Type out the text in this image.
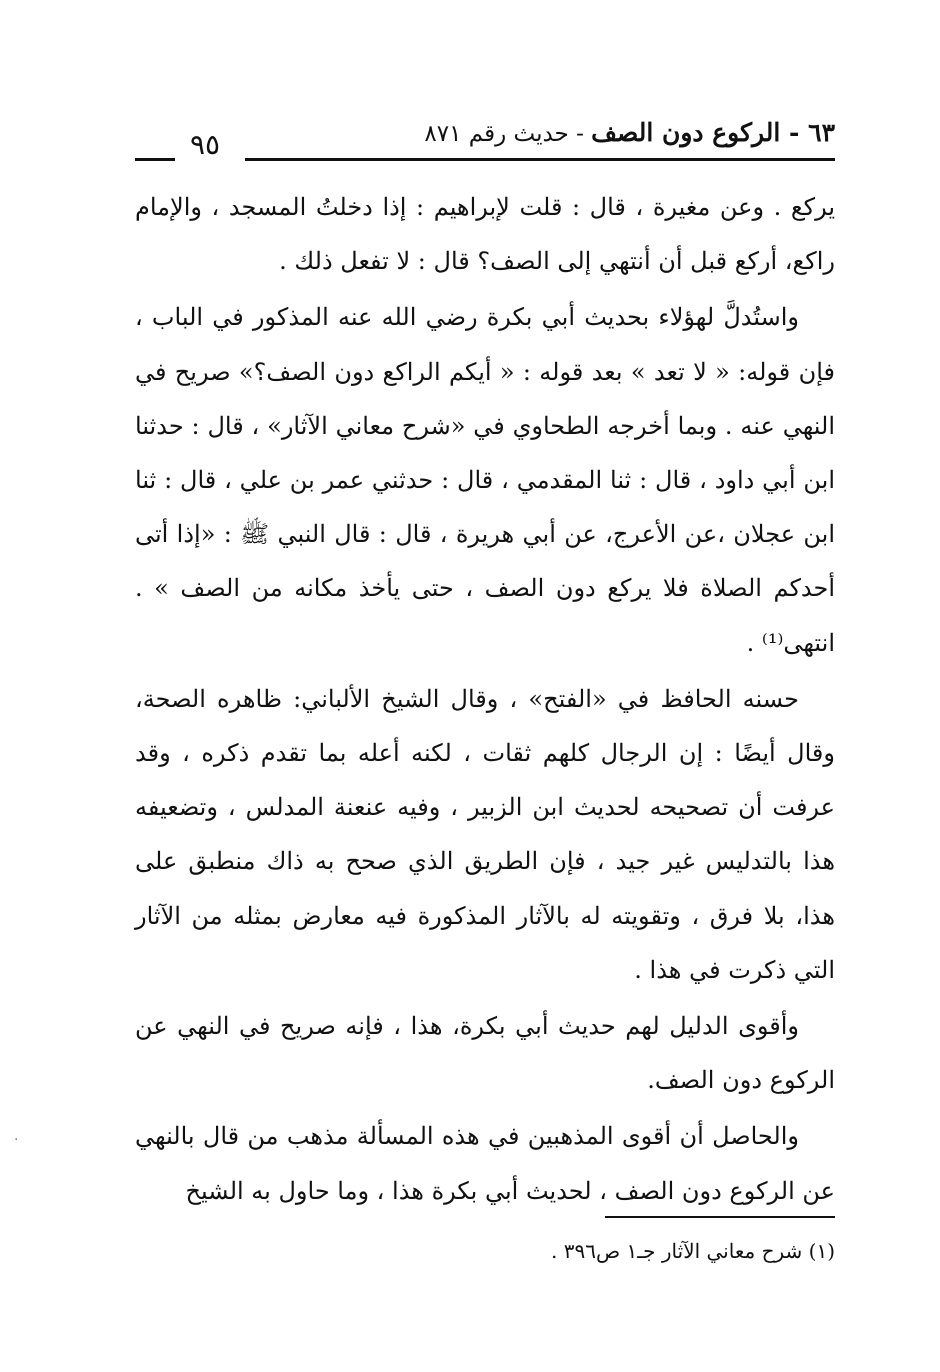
٦٣ - الركوع دون الصف - حديث رقم ٨٧١
٩٥

يركع . وعن مغيرة ، قال : قلت لإبراهيم : إذا دخلتُ المسجد ، والإمام راكع، أركع قبل أن أنتهي إلى الصف؟ قال : لا تفعل ذلك .

واستُدلَّ لهؤلاء بحديث أبي بكرة رضي الله عنه المذكور في الباب ، فإن قوله: « لا تعد » بعد قوله : « أيكم الراكع دون الصف؟» صريح في النهي عنه . وبما أخرجه الطحاوي في «شرح معاني الآثار» ، قال : حدثنا ابن أبي داود ، قال : ثنا المقدمي ، قال : حدثني عمر بن علي ، قال : ثنا ابن عجلان ،عن الأعرج، عن أبي هريرة ، قال : قال النبي ﷺ : «إذا أتى أحدكم الصلاة فلا يركع دون الصف ، حتى يأخذ مكانه من الصف » . انتهى⁽¹⁾ .

حسنه الحافظ في «الفتح» ، وقال الشيخ الألباني: ظاهره الصحة، وقال أيضًا : إن الرجال كلهم ثقات ، لكنه أعله بما تقدم ذكره ، وقد عرفت أن تصحيحه لحديث ابن الزبير ، وفيه عنعنة المدلس ، وتضعيفه هذا بالتدليس غير جيد ، فإن الطريق الذي صحح به ذاك منطبق على هذا، بلا فرق ، وتقويته له بالآثار المذكورة فيه معارض بمثله من الآثار التي ذكرت في هذا .

وأقوى الدليل لهم حديث أبي بكرة، هذا ، فإنه صريح في النهي عن الركوع دون الصف.

والحاصل أن أقوى المذهبين في هذه المسألة مذهب من قال بالنهي عن الركوع دون الصف ، لحديث أبي بكرة هذا ، وما حاول به الشيخ

(١) شرح معاني الآثار جـ١ ص٣٩٦ .
·
